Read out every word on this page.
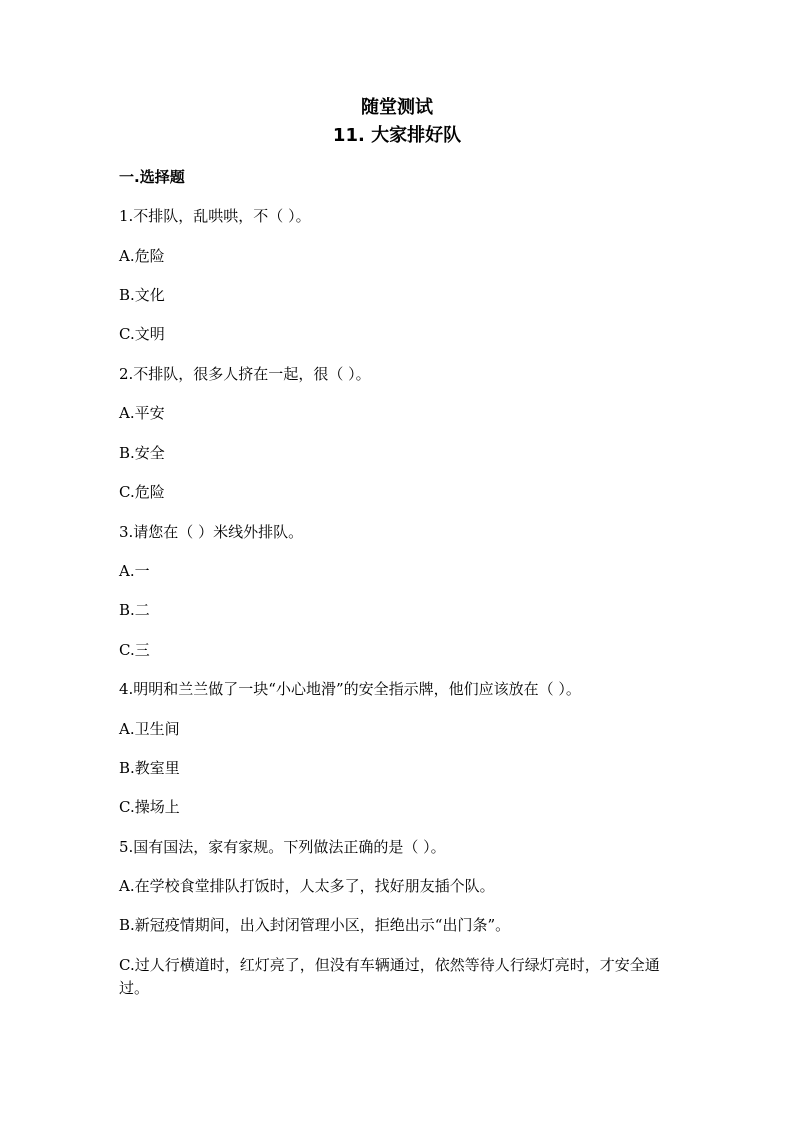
随堂测试
11. 大家排好队
一.选择题
1.不排队，乱哄哄，不（ ）。
A.危险
B.文化
C.文明
2.不排队，很多人挤在一起，很（ ）。
A.平安
B.安全
C.危险
3.请您在（ ）米线外排队。
A.一
B.二
C.三
4.明明和兰兰做了一块“小心地滑”的安全指示牌，他们应该放在（ ）。
A.卫生间
B.教室里
C.操场上
5.国有国法，家有家规。下列做法正确的是（ ）。
A.在学校食堂排队打饭时，人太多了，找好朋友插个队。
B.新冠疫情期间，出入封闭管理小区，拒绝出示“出门条”。
C.过人行横道时，红灯亮了，但没有车辆通过，依然等待人行绿灯亮时，才安全通过。
